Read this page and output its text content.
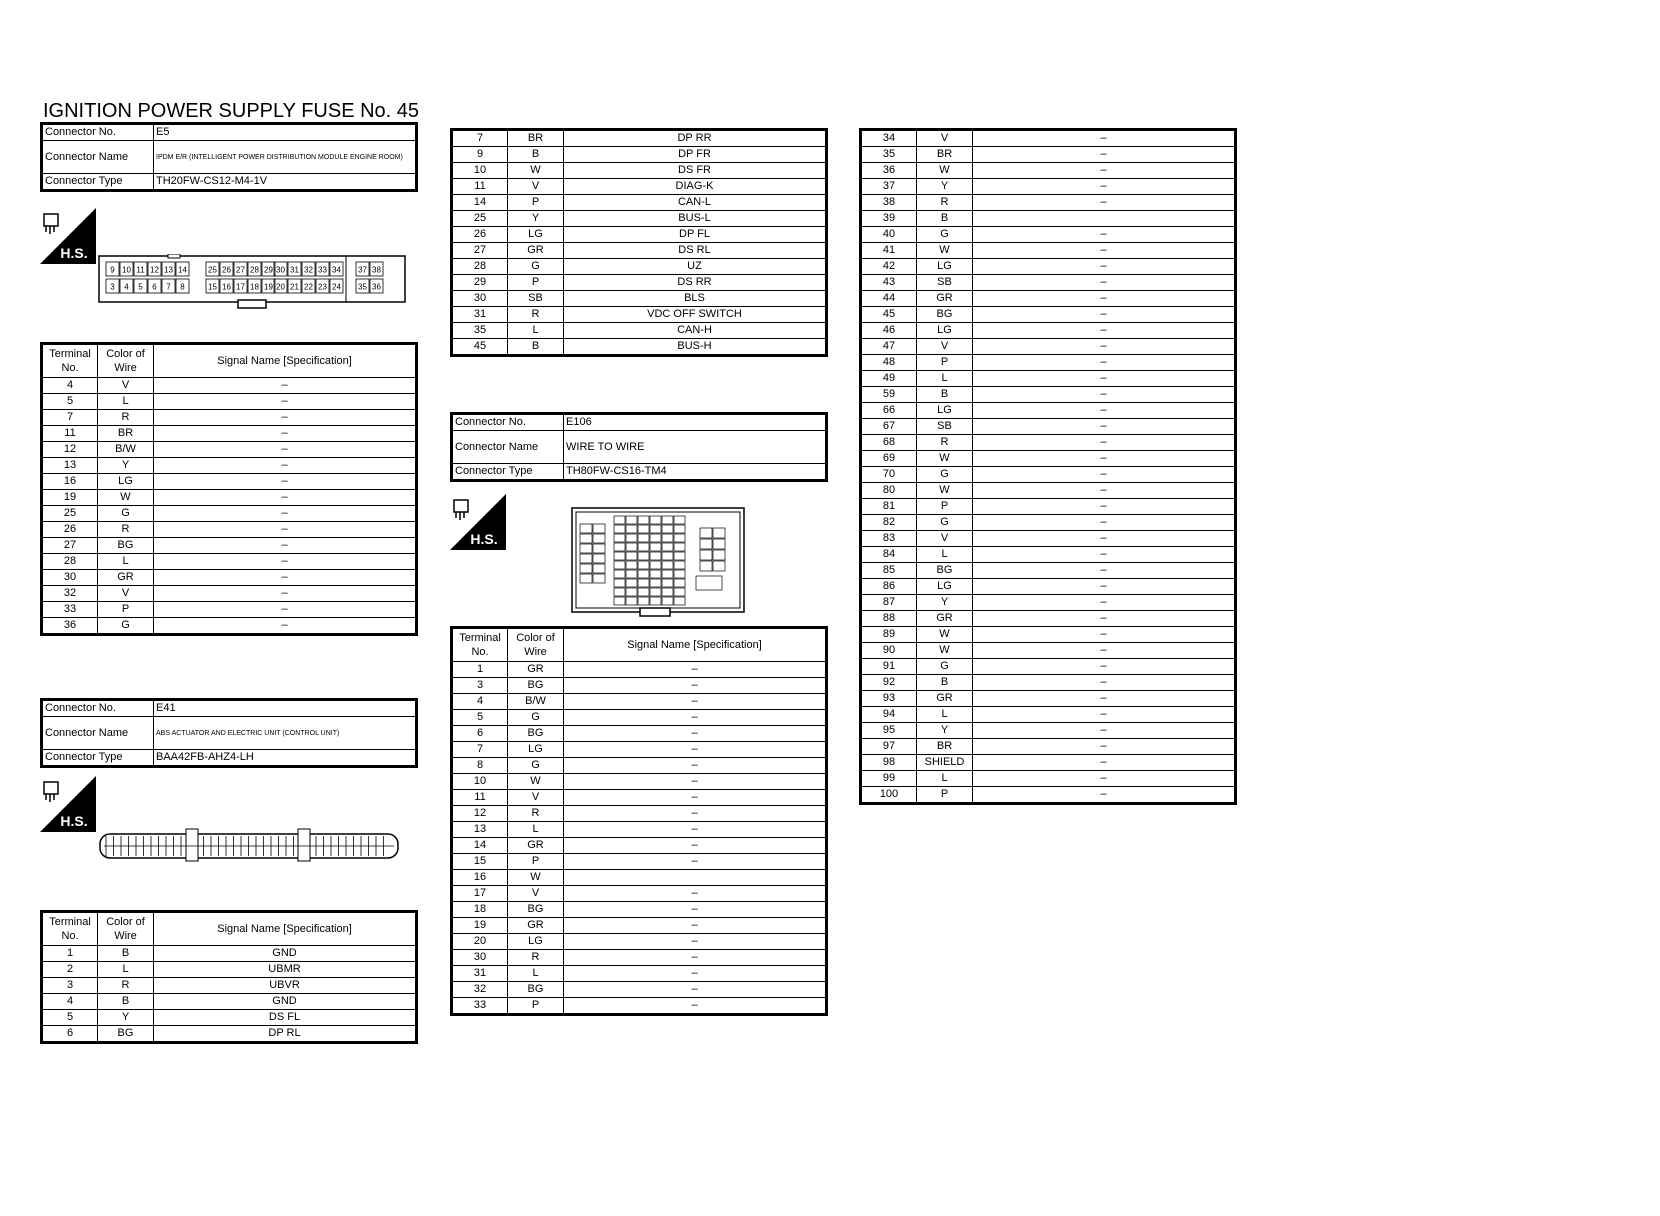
IGNITION POWER SUPPLY FUSE No. 45
Connector No.	E5
Connector Name	IPDM E/R (INTELLIGENT POWER DISTRIBUTION MODULE ENGINE ROOM)
Connector Type	TH20FW-CS12-M4-1V
H.S.
9 10 11 12 13 14	25 26 27 28 29 30 31 32 33 34 37 38
3 4 5 6 7 8	15 16 17 18 19 20 21 22 23 24 35 36
Terminal No.	Color of Wire	Signal Name [Specification]
4	V	–
5	L	–
7	R	–
11	BR	–
12	B/W	–
13	Y	–
16	LG	–
19	W	–
25	G	–
26	R	–
27	BG	–
28	L	–
30	GR	–
32	V	–
33	P	–
36	G	–
Connector No.	E41
Connector Name	ABS ACTUATOR AND ELECTRIC UNIT (CONTROL UNIT)
Connector Type	BAA42FB-AHZ4-LH
H.S.
Terminal No.	Color of Wire	Signal Name [Specification]
1	B	GND
2	L	UBMR
3	R	UBVR
4	B	GND
5	Y	DS FL
6	BG	DP RL
7	BR	DP RR
9	B	DP FR
10	W	DS FR
11	V	DIAG-K
14	P	CAN-L
25	Y	BUS-L
26	LG	DP FL
27	GR	DS RL
28	G	UZ
29	P	DS RR
30	SB	BLS
31	R	VDC OFF SWITCH
35	L	CAN-H
45	B	BUS-H
Connector No.	E106
Connector Name	WIRE TO WIRE
Connector Type	TH80FW-CS16-TM4
H.S.
Terminal No.	Color of Wire	Signal Name [Specification]
1	GR	–
3	BG	–
4	B/W	–
5	G	–
6	BG	–
7	LG	–
8	G	–
10	W	–
11	V	–
12	R	–
13	L	–
14	GR	–
15	P	–
16	W	
17	V	–
18	BG	–
19	GR	–
20	LG	–
30	R	–
31	L	–
32	BG	–
33	P	–
34	V	–
35	BR	–
36	W	–
37	Y	–
38	R	–
39	B	
40	G	–
41	W	–
42	LG	–
43	SB	–
44	GR	–
45	BG	–
46	LG	–
47	V	–
48	P	–
49	L	–
59	B	–
66	LG	–
67	SB	–
68	R	–
69	W	–
70	G	–
80	W	–
81	P	–
82	G	–
83	V	–
84	L	–
85	BG	–
86	LG	–
87	Y	–
88	GR	–
89	W	–
90	W	–
91	G	–
92	B	–
93	GR	–
94	L	–
95	Y	–
97	BR	–
98	SHIELD	–
99	L	–
100	P	–
